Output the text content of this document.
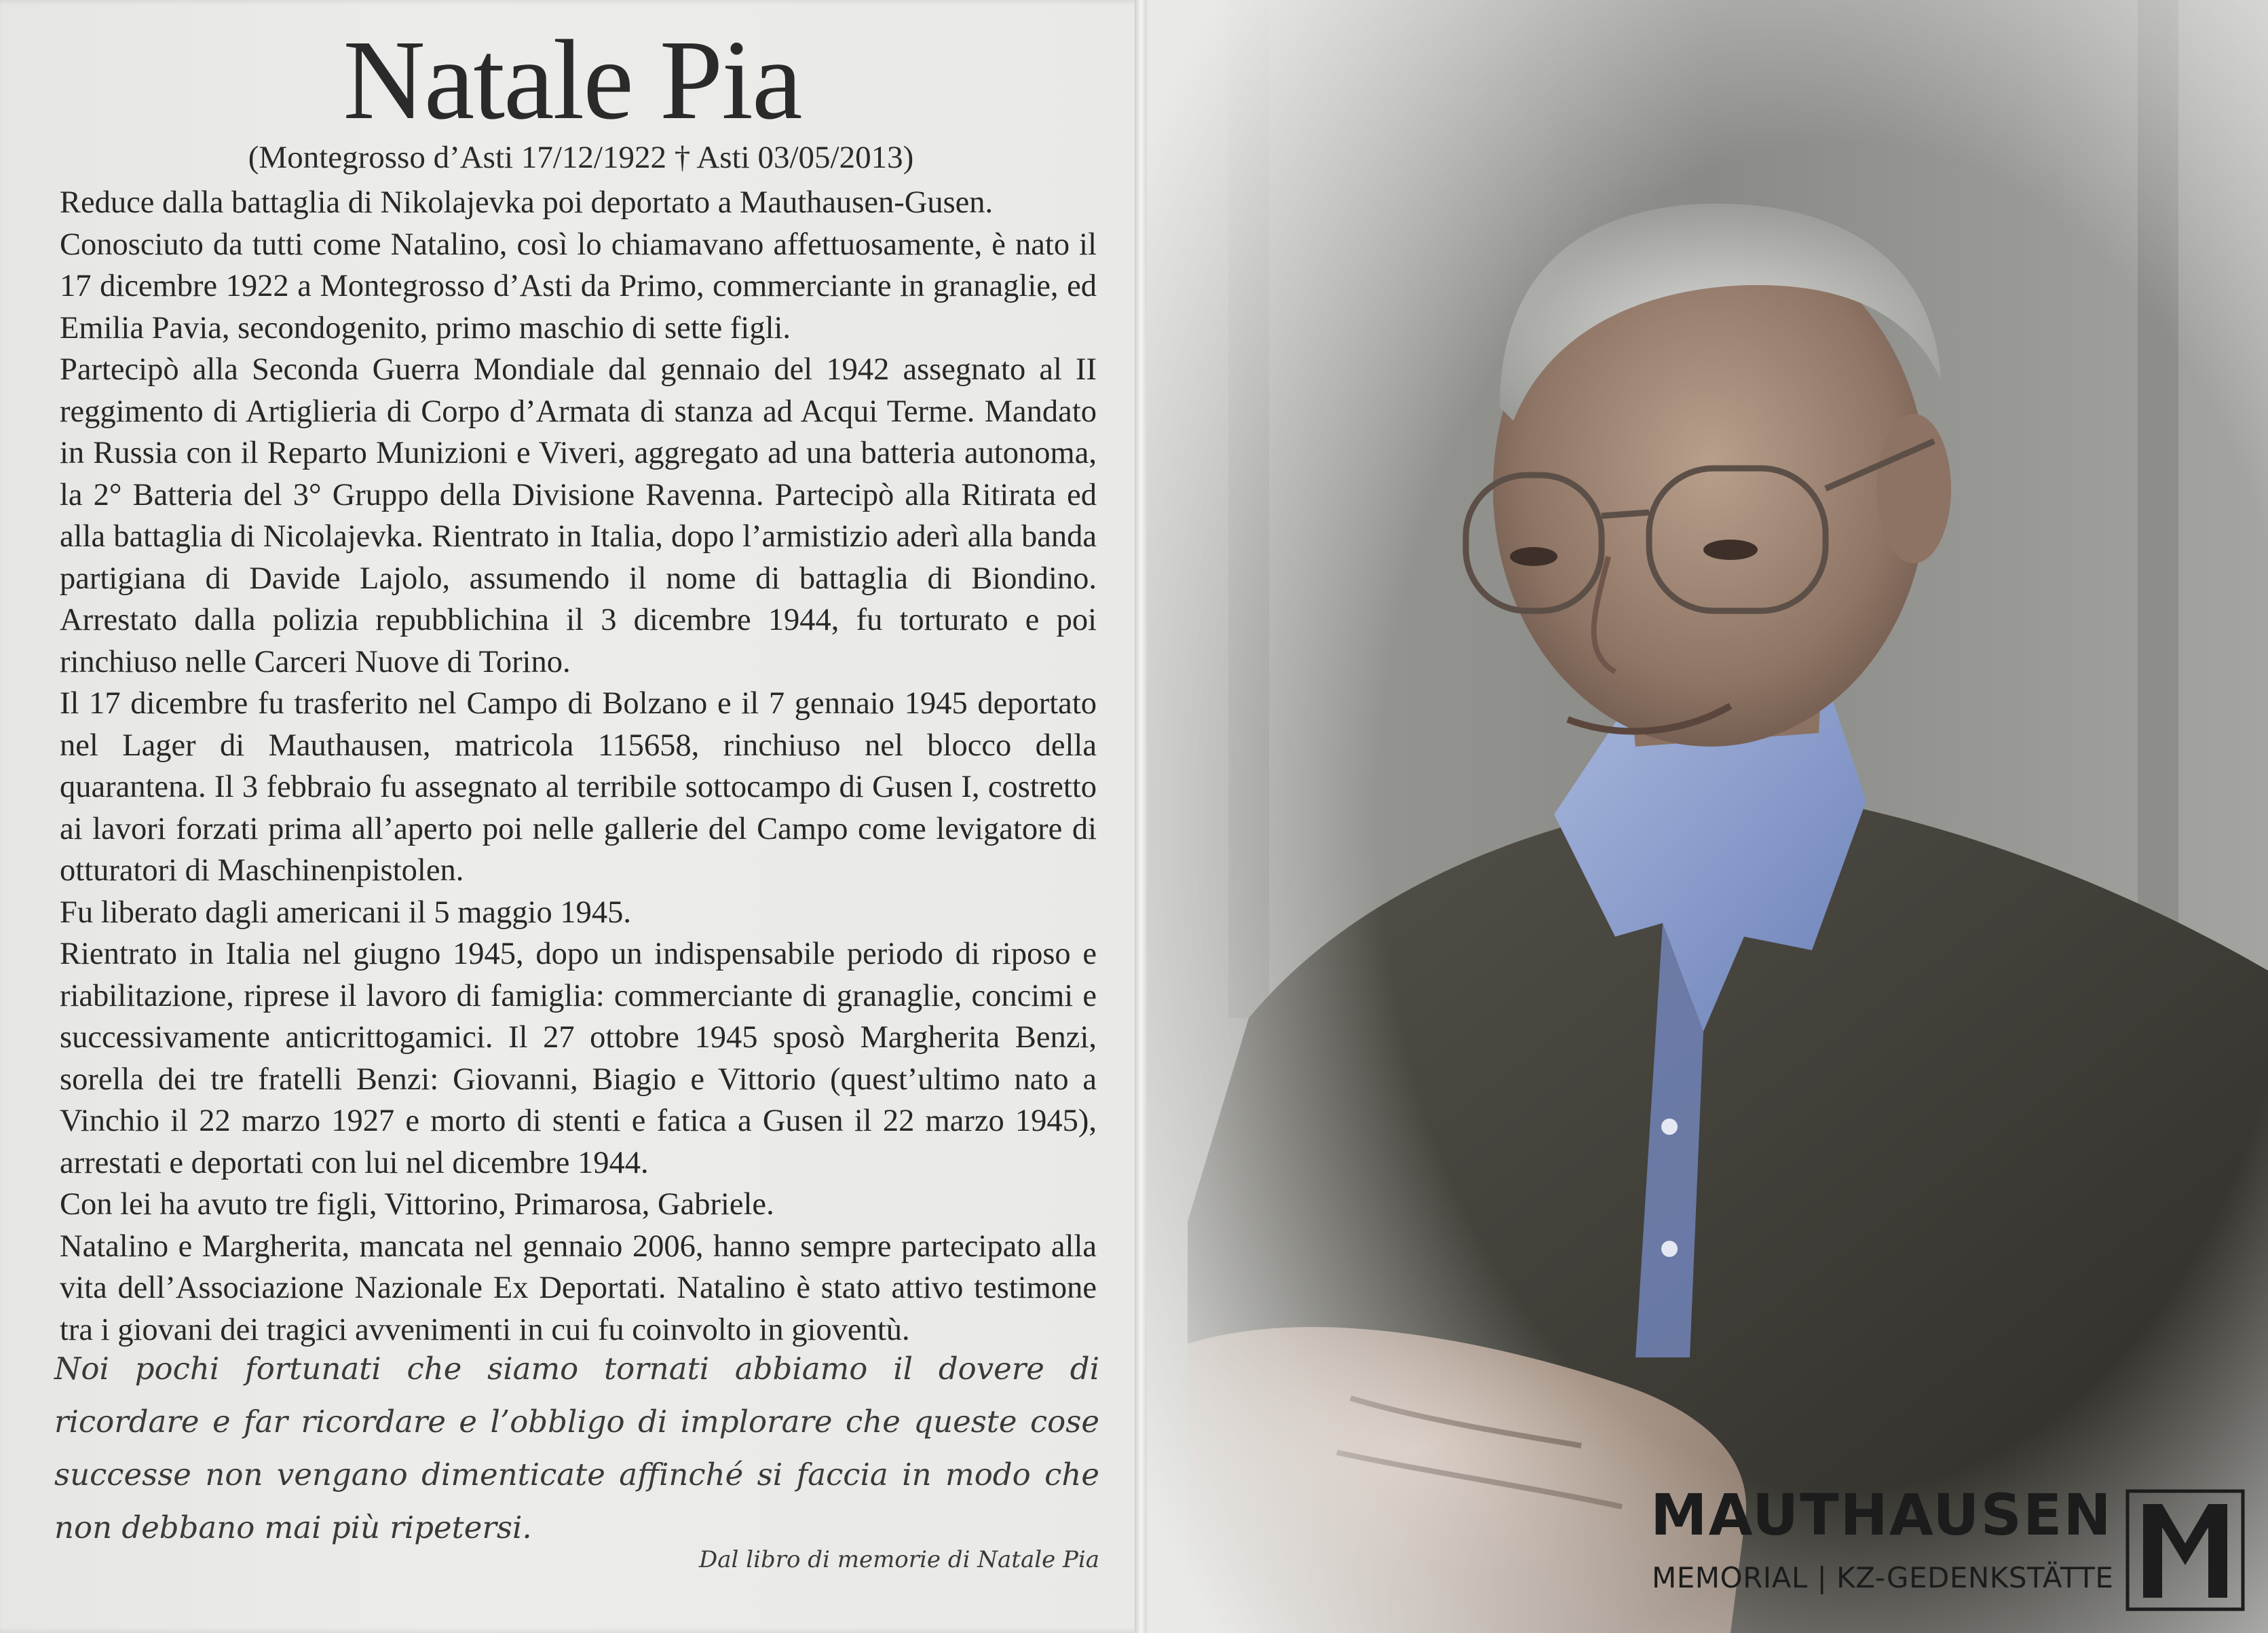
Natale Pia
(Montegrosso d’Asti 17/12/1922 † Asti 03/05/2013)

Reduce dalla battaglia di Nikolajevka poi deportato a Mauthausen-Gusen.

Conosciuto da tutti come Natalino, così lo chiamavano affettuosamente, è nato il 17 dicembre 1922 a Montegrosso d’Asti da Primo, commerciante in granaglie, ed Emilia Pavia, secondogenito, primo maschio di sette figli.

Partecipò alla Seconda Guerra Mondiale dal gennaio del 1942 assegnato al II reggimento di Artiglieria di Corpo d’Armata di stanza ad Acqui Terme. Mandato in Russia con il Reparto Munizioni e Viveri, aggregato ad una batteria autonoma, la 2° Batteria del 3° Gruppo della Divisione Ravenna. Partecipò alla Ritirata ed alla battaglia di Nicolajevka. Rientrato in Italia, dopo l’armistizio aderì alla banda partigiana di Davide Lajolo, assumendo il nome di battaglia di Biondino. Arrestato dalla polizia repubblichina il 3 dicembre 1944, fu torturato e poi rinchiuso nelle Carceri Nuove di Torino.

Il 17 dicembre fu trasferito nel Campo di Bolzano e il 7 gennaio 1945 deportato nel Lager di Mauthausen, matricola 115658, rinchiuso nel blocco della quarantena. Il 3 febbraio fu assegnato al terribile sottocampo di Gusen I, costretto ai lavori forzati prima all’aperto poi nelle gallerie del Campo come levigatore di otturatori di Maschinenpistolen.

Fu liberato dagli americani il 5 maggio 1945.

Rientrato in Italia nel giugno 1945, dopo un indispensabile periodo di riposo e riabilitazione, riprese il lavoro di famiglia: commerciante di granaglie, concimi e successivamente anticrittogamici. Il 27 ottobre 1945 sposò Margherita Benzi, sorella dei tre fratelli Benzi: Giovanni, Biagio e Vittorio (quest’ultimo nato a Vinchio il 22 marzo 1927 e morto di stenti e fatica a Gusen il 22 marzo 1945), arrestati e deportati con lui nel dicembre 1944.

Con lei ha avuto tre figli, Vittorino, Primarosa, Gabriele.

Natalino e Margherita, mancata nel gennaio 2006, hanno sempre partecipato alla vita dell’Associazione Nazionale Ex Deportati. Natalino è stato attivo testimone tra i giovani dei tragici avvenimenti in cui fu coinvolto in gioventù.

Noi pochi fortunati che siamo tornati abbiamo il dovere di ricordare e far ricordare e l’obbligo di implorare che queste cose successe non vengano dimenticate affinché si faccia in modo che non debbano mai più ripetersi.
Dal libro di memorie di Natale Pia
MAUTHAUSEN
MEMORIAL | KZ-GEDENKSTÄTTE
